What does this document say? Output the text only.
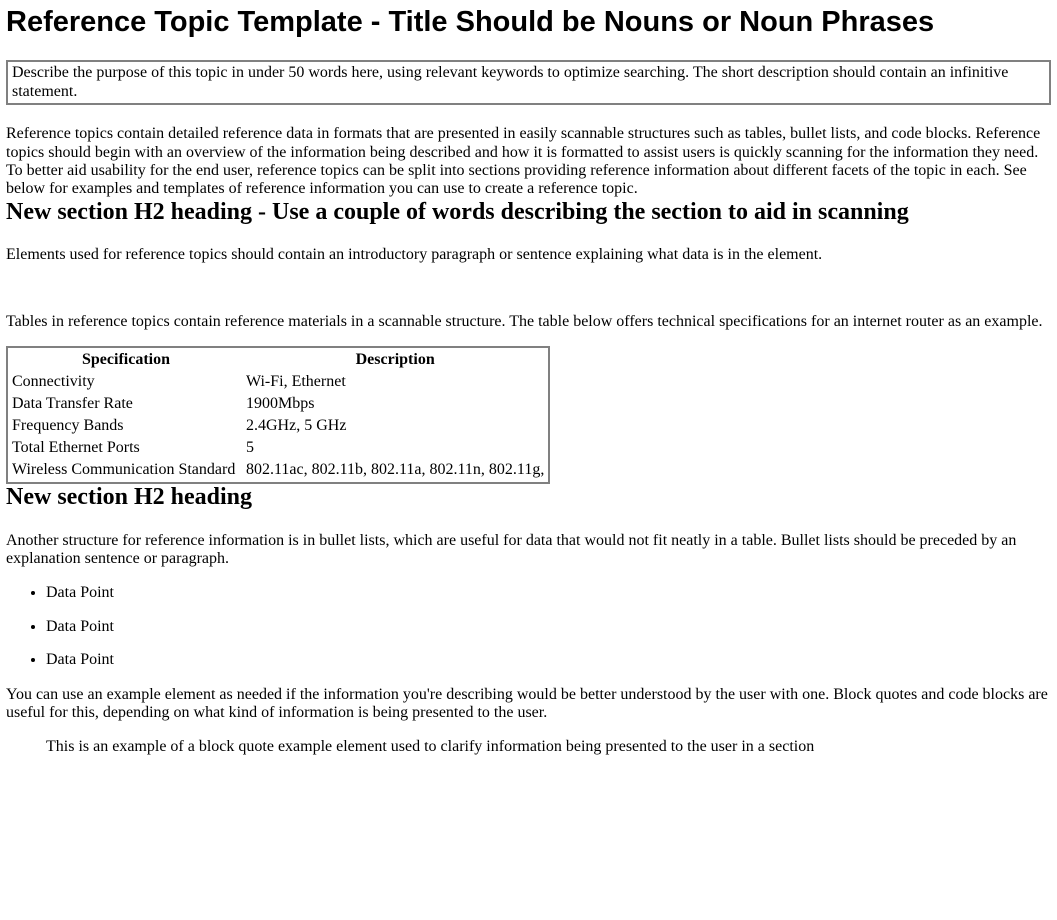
Reference Topic Template - Title Should be Nouns or Noun Phrases

Describe the purpose of this topic in under 50 words here, using relevant keywords to optimize searching. The short description should contain an infinitive statement.

Reference topics contain detailed reference data in formats that are presented in easily scannable structures such as tables, bullet lists, and code blocks. Reference topics should begin with an overview of the information being described and how it is formatted to assist users is quickly scanning for the information they need. To better aid usability for the end user, reference topics can be split into sections providing reference information about different facets of the topic in each. See below for examples and templates of reference information you can use to create a reference topic.

New section H2 heading - Use a couple of words describing the section to aid in scanning

Elements used for reference topics should contain an introductory paragraph or sentence explaining what data is in the element.

Tables in reference topics contain reference materials in a scannable structure. The table below offers technical specifications for an internet router as an example.

Specification	Description
Connectivity	Wi-Fi, Ethernet
Data Transfer Rate	1900Mbps
Frequency Bands	2.4GHz, 5 GHz
Total Ethernet Ports	5
Wireless Communication Standard	802.11ac, 802.11b, 802.11a, 802.11n, 802.11g,
New section H2 heading

Another structure for reference information is in bullet lists, which are useful for data that would not fit neatly in a table. Bullet lists should be preceded by an explanation sentence or paragraph.

• Data Point
• Data Point
• Data Point

You can use an example element as needed if the information you're describing would be better understood by the user with one. Block quotes and code blocks are useful for this, depending on what kind of information is being presented to the user.

This is an example of a block quote example element used to clarify information being presented to the user in a section
